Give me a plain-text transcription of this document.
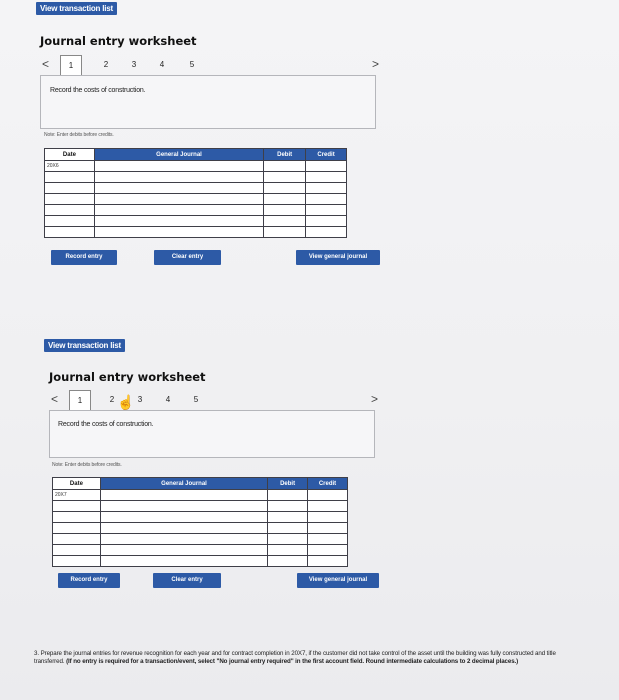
View transaction list
Journal entry worksheet
<	1	2	3	4	5	>
Record the costs of construction.
Note: Enter debits before credits.
Date	General Journal	Debit	Credit
20X6			

Record entry	Clear entry	View general journal
View transaction list
Journal entry worksheet
<	1	2	3	4	5	>
☝
Record the costs of construction.
Note: Enter debits before credits.
Date	General Journal	Debit	Credit
20X7			

Record entry	Clear entry	View general journal
3. Prepare the journal entries for revenue recognition for each year and for contract completion in 20X7, if the customer did not take control of the asset until the building was fully constructed and title transferred. (If no entry is required for a transaction/event, select "No journal entry required" in the first account field. Round intermediate calculations to 2 decimal places.)
